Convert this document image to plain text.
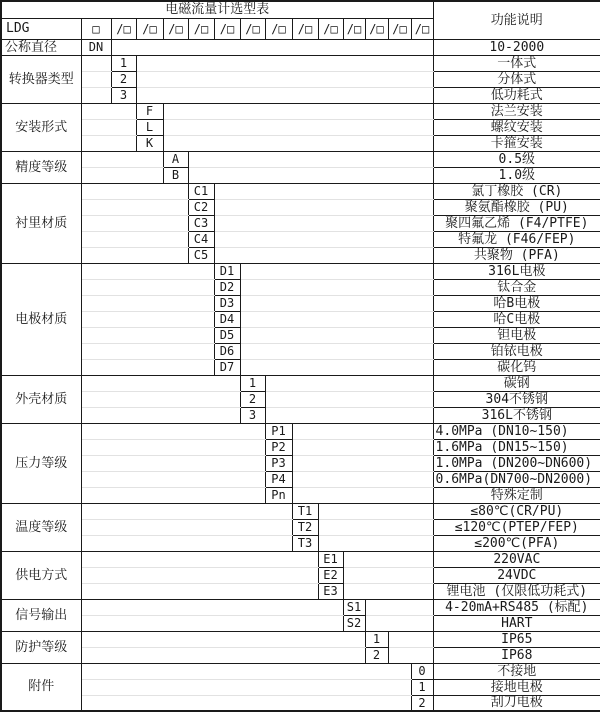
电磁流量计选型表															功能说明
LDG	□	/□	/□	/□	/□	/□	/□	/□	/□	/□	/□	/□	/□	/□	
公称直径	DN														10-2000
转换器类型		1													一体式
		2													分体式
		3													低功耗式
安装形式			F												法兰安装
			L												螺纹安装
			K												卡箍安装
精度等级				A											0.5级
				B											1.0级
衬里材质					C1										氯丁橡胶 (CR)
					C2										聚氨酯橡胶 (PU)
					C3										聚四氟乙烯 (F4/PTFE)
					C4										特氟龙 (F46/FEP)
					C5										共聚物 (PFA)
电极材质						D1									316L电极
						D2									钛合金
						D3									哈B电极
						D4									哈C电极
						D5									钽电极
						D6									铂铱电极
						D7									碳化钨
外壳材质							1								碳钢
							2								304不锈钢
							3								316L不锈钢
压力等级								P1							4.0MPa (DN10~150)
								P2							1.6MPa (DN15~150)
								P3							1.0MPa (DN200~DN600)
								P4							0.6MPa(DN700~DN2000)
								Pn							特殊定制
温度等级									T1						≤80℃(CR/PU)
									T2						≤120℃(PTEP/FEP)
									T3						≤200℃(PFA)
供电方式										E1					220VAC
										E2					24VDC
										E3					锂电池 (仅限低功耗式)
信号输出											S1				4-20mA+RS485 (标配)
											S2				HART
防护等级												1			IP65
												2			IP68
附件														0	不接地
														1	接地电极
														2	刮刀电极
